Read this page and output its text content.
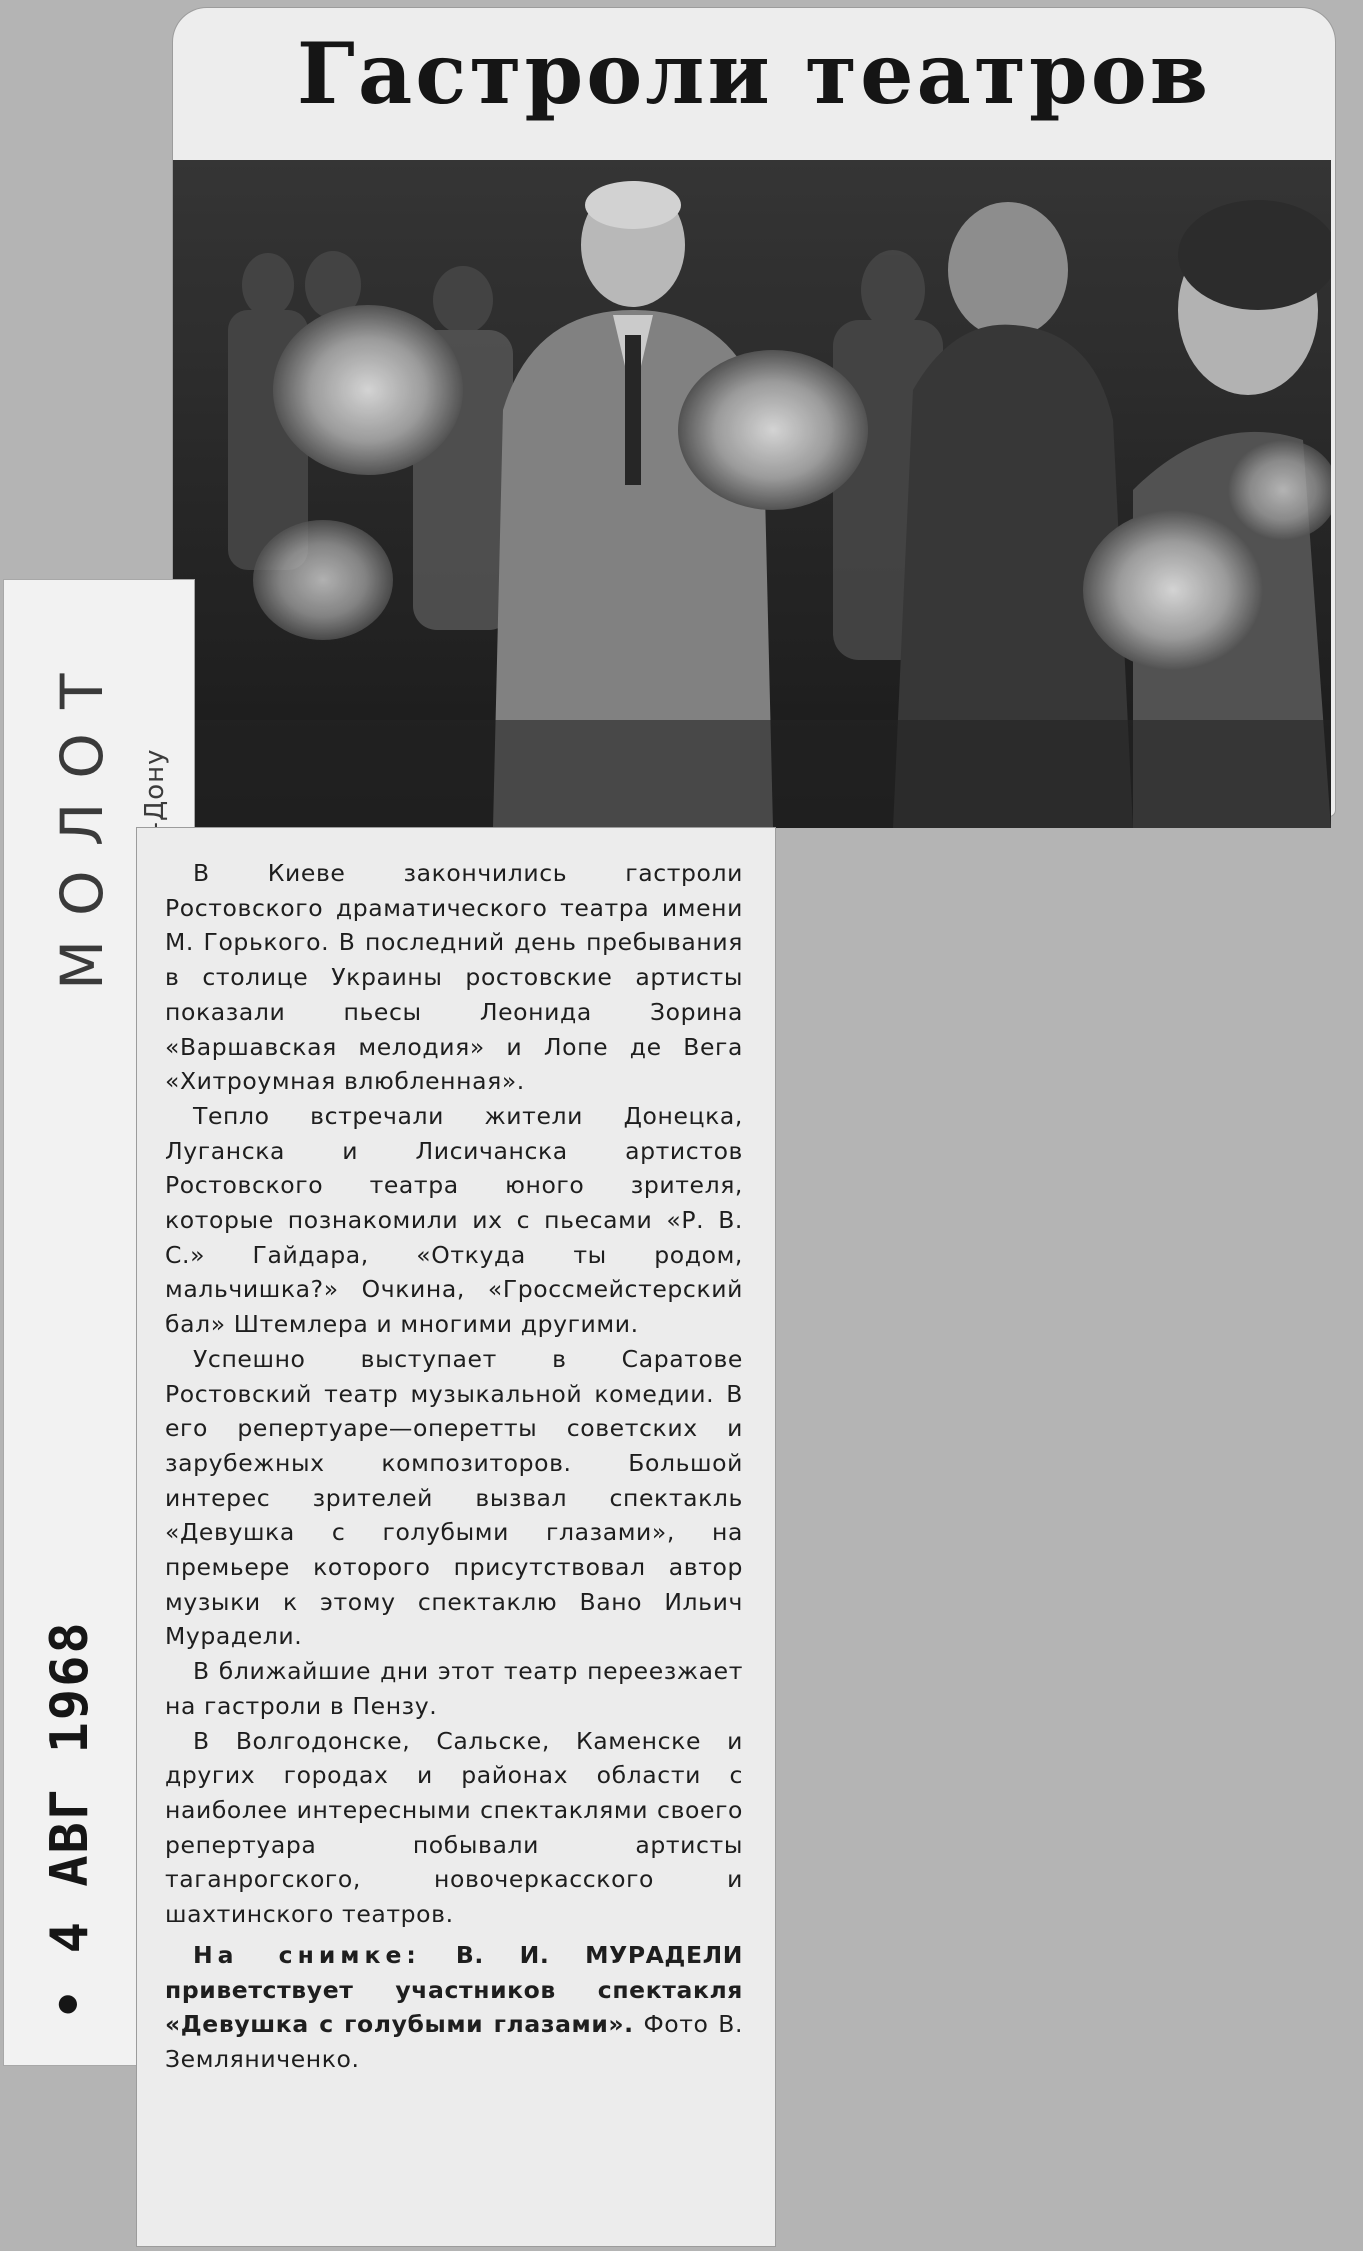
Гастроли театров
МОЛОТ
• 4 АВГ 1968

В Киеве закончились гастроли Ростовского драматического театра имени М. Горького. В последний день пребывания в столице Украины ростовские артисты показали пьесы Леонида Зорина «Варшавская мелодия» и Лопе де Вега «Хитроумная влюбленная».

Тепло встречали жители Донецка, Луганска и Лисичанска артистов Ростовского театра юного зрителя, которые познакомили их с пьесами «Р. В. С.» Гайдара, «Откуда ты родом, мальчишка?» Очкина, «Гроссмейстерский бал» Штемлера и многими другими.

Успешно выступает в Саратове Ростовский театр музыкальной комедии. В его репертуаре—оперетты советских и зарубежных композиторов. Большой интерес зрителей вызвал спектакль «Девушка с голубыми глазами», на премьере которого присутствовал автор музыки к этому спектаклю Вано Ильич Мурадели.

В ближайшие дни этот театр переезжает на гастроли в Пензу.

В Волгодонске, Сальске, Каменске и других городах и районах области с наиболее интересными спектаклями своего репертуара побывали артисты таганрогского, новочеркасского и шахтинского театров.

На снимке: В. И. МУРАДЕЛИ приветствует участников спектакля «Девушка с голубыми глазами». Фото В. Земляниченко.
